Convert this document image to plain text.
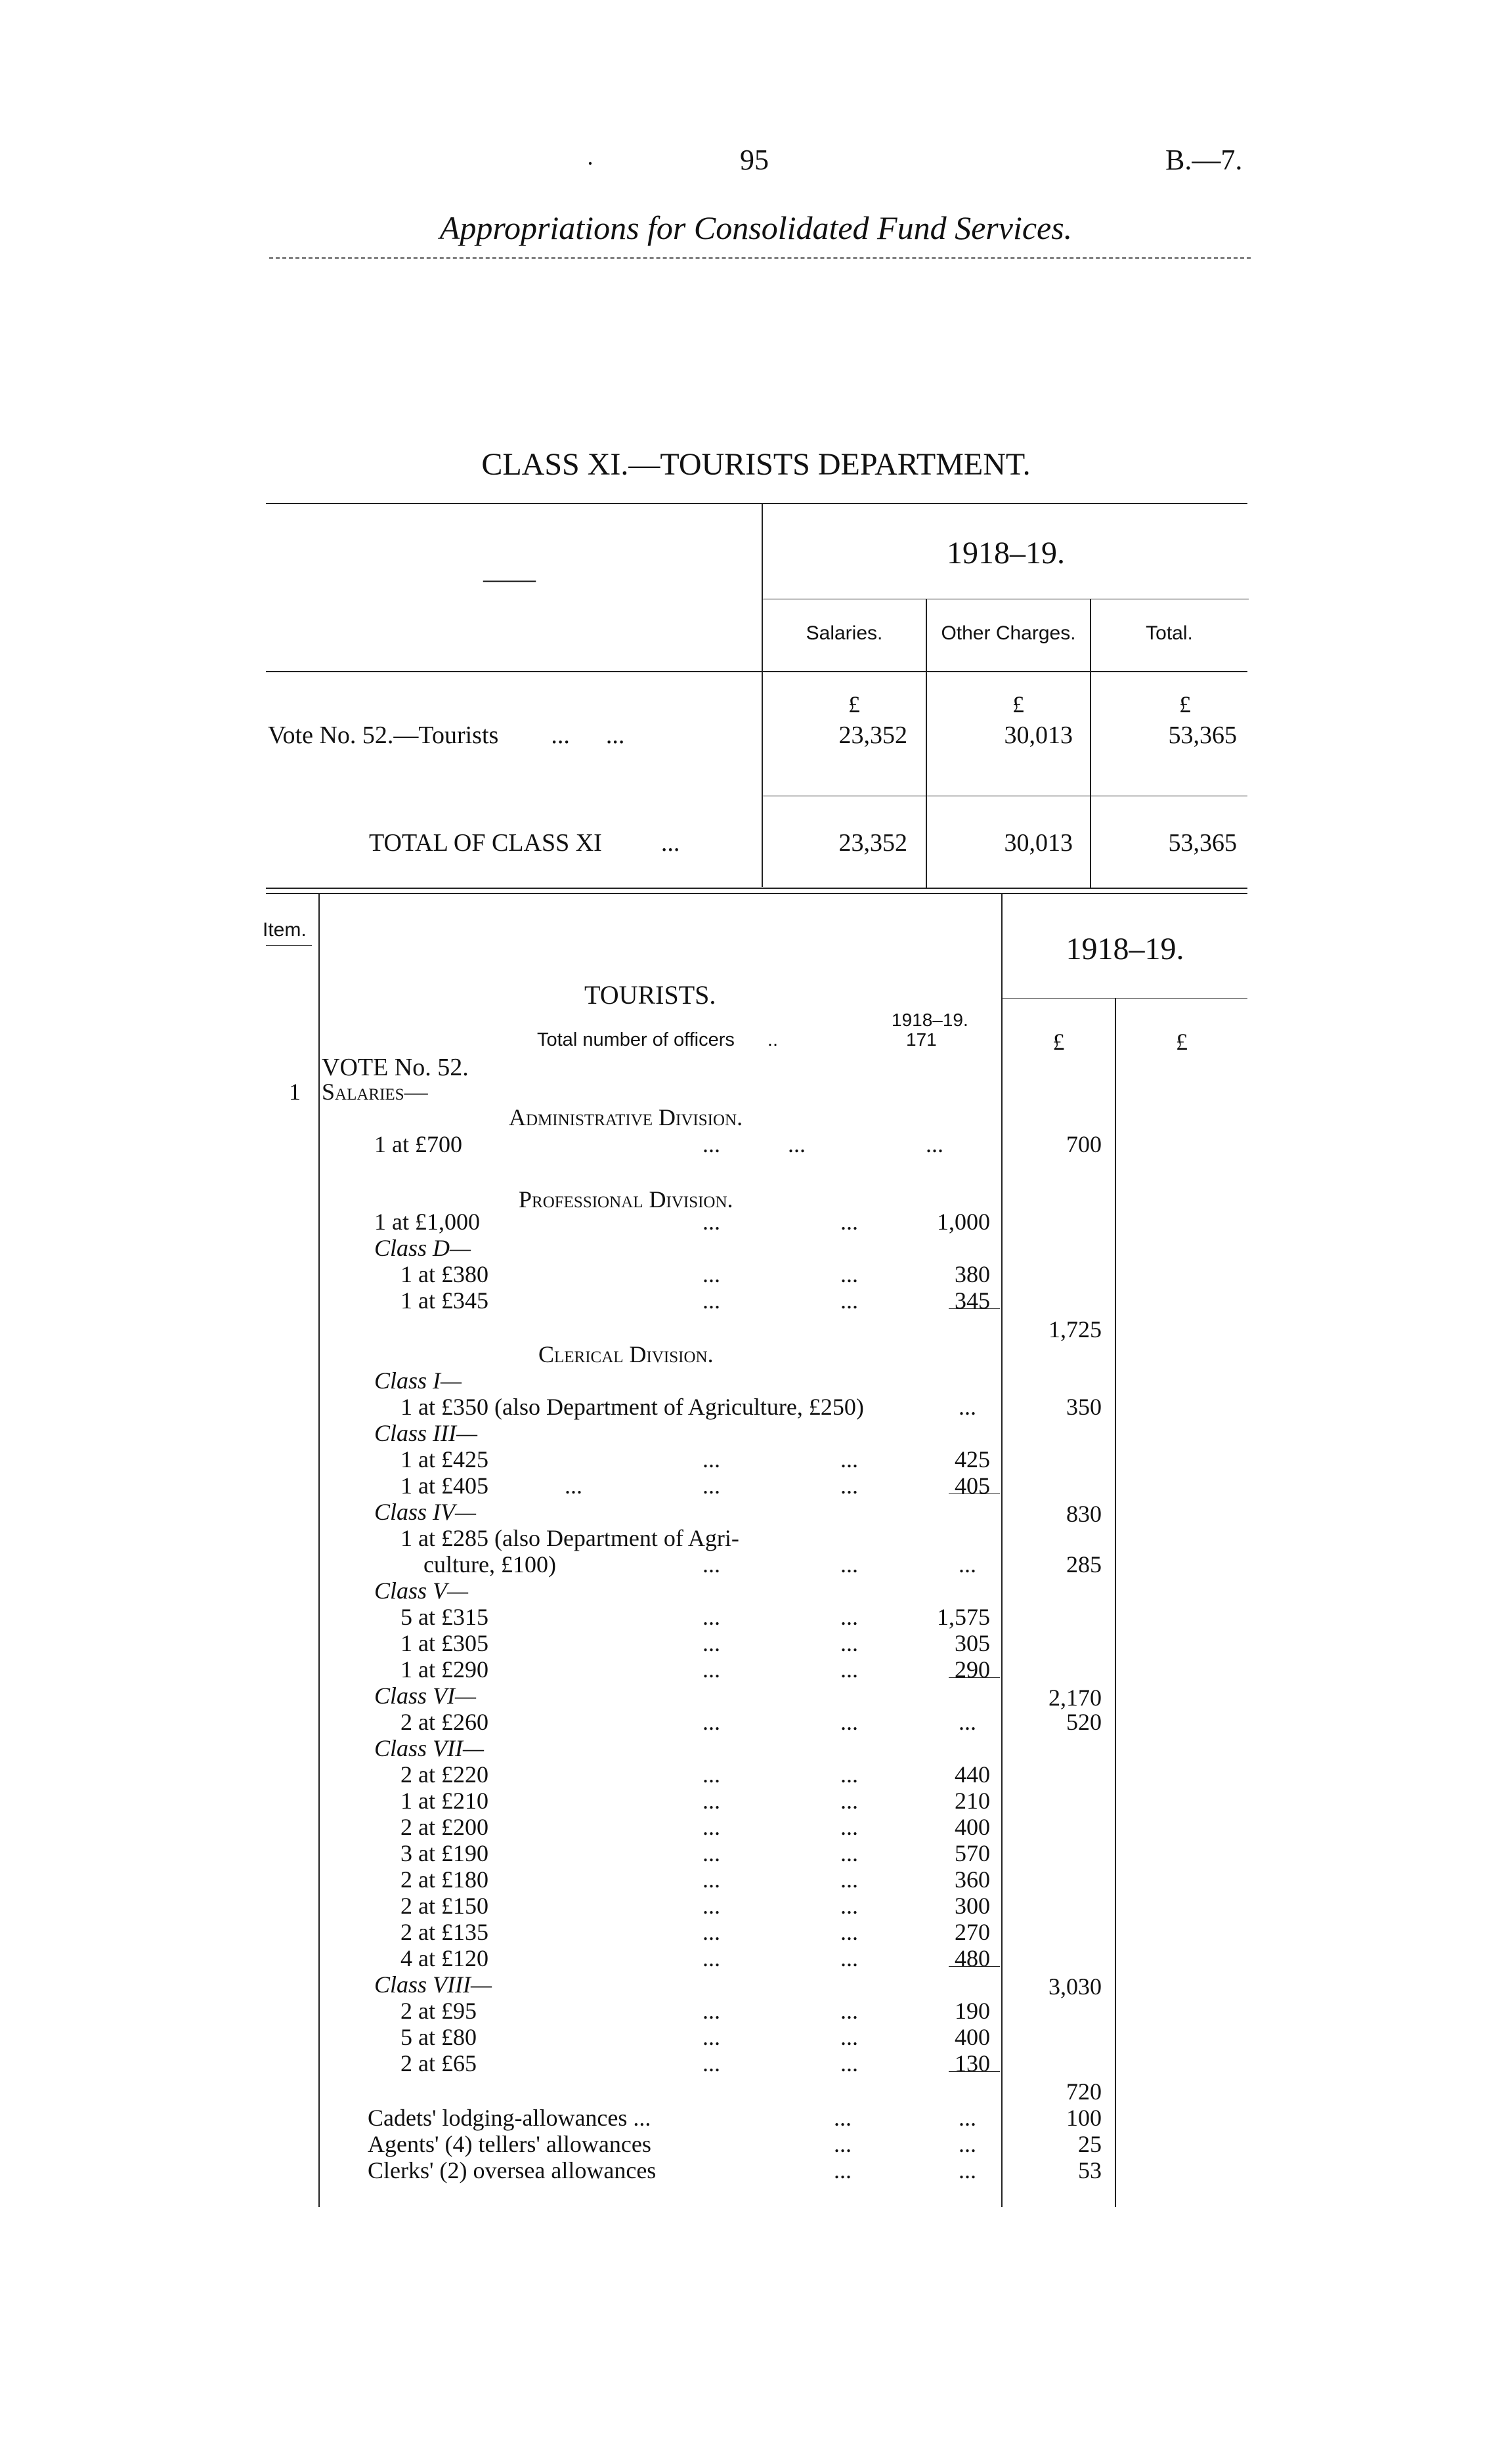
·	95	B.—7.
Appropriations for Consolidated Fund Services.
CLASS XI.—TOURISTS DEPARTMENT.
——
1918–19.
Salaries.	Other Charges.	Total.
£	£	£
Vote No. 52.—Tourists ... ...	23,352	30,013	53,365
TOTAL OF CLASS XI ...	23,352	30,013	53,365
Item.
1918–19.
TOURISTS.
1918–19.
Total number of officers ..	171	£	£
VOTE No. 52.
1 Salaries—
Administrative Division.
1 at £700	...	...	...	700
Professional Division.
1 at £1,000	...	...	1,000
Class D—
1 at £380	...	...	380
1 at £345	...	...	345
1,725
Clerical Division.
Class I—
1 at £350 (also Department of Agriculture, £250)	...	350
Class III—
1 at £425	...	...	425
1 at £405	...	...	...	405
Class IV—	830
1 at £285 (also Department of Agri-
culture, £100)	...	...	...	285
Class V—
5 at £315	...	...	1,575
1 at £305	...	...	305
1 at £290	...	...	290
Class VI—	2,170
2 at £260	...	...	...	520
Class VII—
2 at £220	...	...	440
1 at £210	...	...	210
2 at £200	...	...	400
3 at £190	...	...	570
2 at £180	...	...	360
2 at £150	...	...	300
2 at £135	...	...	270
4 at £120	...	...	480
Class VIII—	3,030
2 at £95	...	...	190
5 at £80	...	...	400
2 at £65	...	...	130
720
Cadets' lodging-allowances ...	...	...	100
Agents' (4) tellers' allowances	...	...	25
Clerks' (2) oversea allowances	...	...	53
